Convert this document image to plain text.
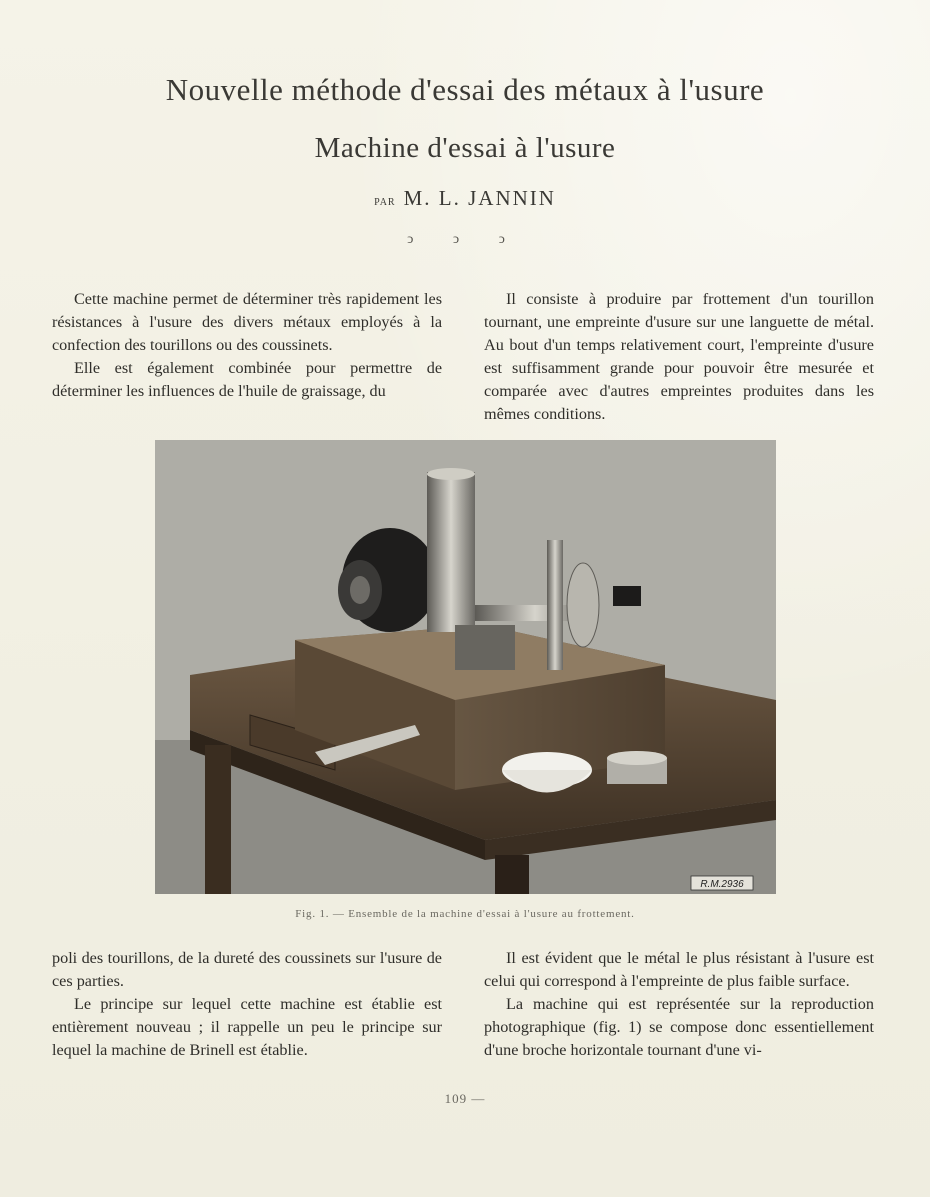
Nouvelle méthode d'essai des métaux à l'usure
Machine d'essai à l'usure
PAR M. L. JANNIN
ↄ ↄ ↄ

Cette machine permet de déterminer très rapidement les résistances à l'usure des divers métaux employés à la confection des tourillons ou des coussinets.

Elle est également combinée pour permettre de déterminer les influences de l'huile de graissage, du

Il consiste à produire par frottement d'un tourillon tournant, une empreinte d'usure sur une languette de métal. Au bout d'un temps relativement court, l'empreinte d'usure est suffisamment grande pour pouvoir être mesurée et comparée avec d'autres empreintes produites dans les mêmes conditions.

R.M.2936
Fig. 1. — Ensemble de la machine d'essai à l'usure au frottement.

poli des tourillons, de la dureté des coussinets sur l'usure de ces parties.

Le principe sur lequel cette machine est établie est entièrement nouveau ; il rappelle un peu le principe sur lequel la machine de Brinell est établie.

Il est évident que le métal le plus résistant à l'usure est celui qui correspond à l'empreinte de plus faible surface.

La machine qui est représentée sur la reproduction photographique (fig. 1) se compose donc essentiellement d'une broche horizontale tournant d'une vi-

109 —
